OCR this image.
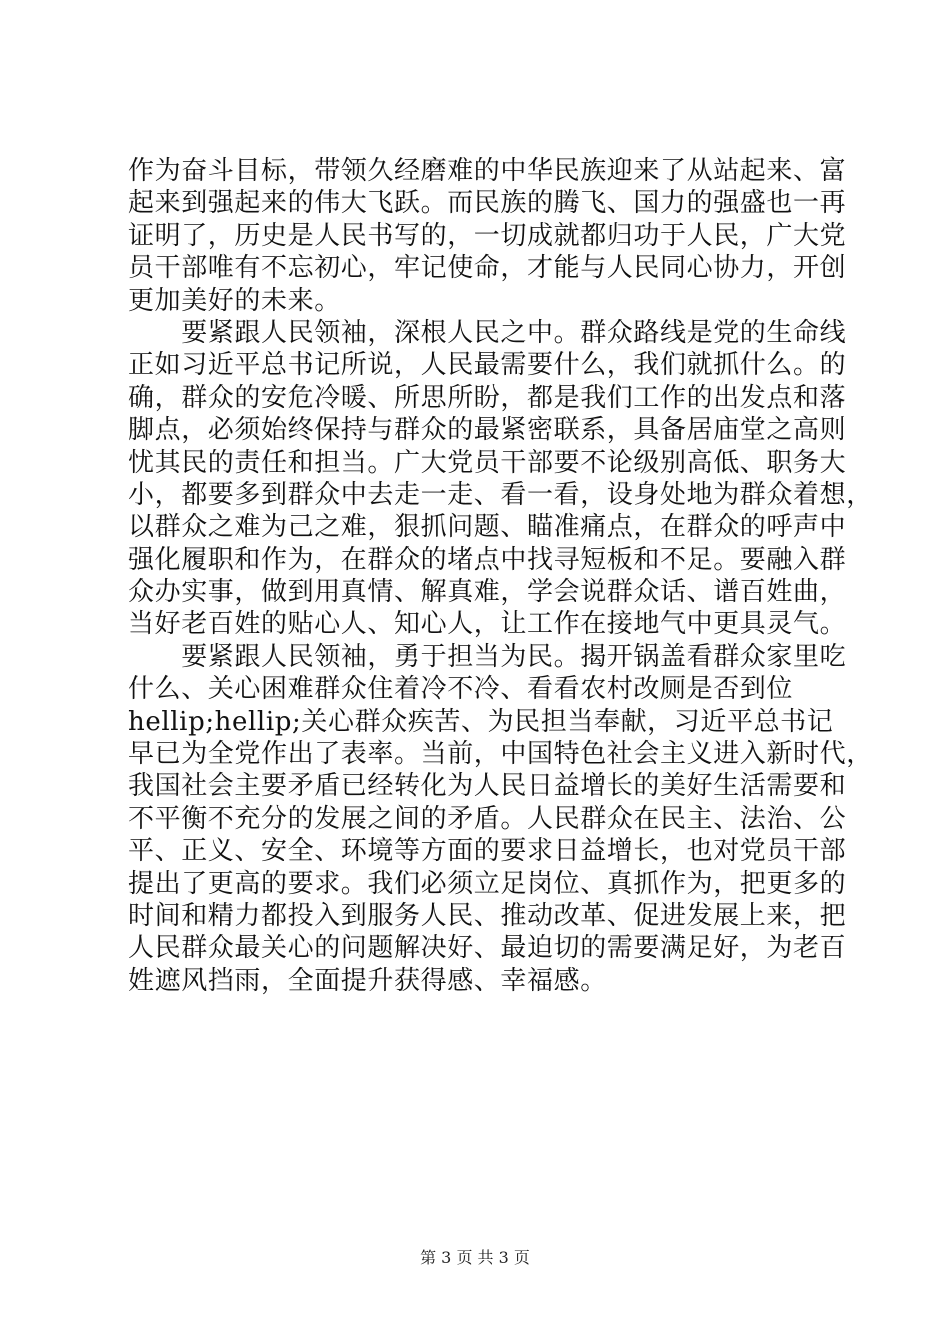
作为奋斗目标，带领久经磨难的中华民族迎来了从站起来、富
起来到强起来的伟大飞跃。而民族的腾飞、国力的强盛也一再
证明了，历史是人民书写的，一切成就都归功于人民，广大党
员干部唯有不忘初心，牢记使命，才能与人民同心协力，开创
更加美好的未来。
　　要紧跟人民领袖，深根人民之中。群众路线是党的生命线
正如习近平总书记所说，人民最需要什么，我们就抓什么。的
确，群众的安危冷暖、所思所盼，都是我们工作的出发点和落
脚点，必须始终保持与群众的最紧密联系，具备居庙堂之高则
忧其民的责任和担当。广大党员干部要不论级别高低、职务大
小，都要多到群众中去走一走、看一看，设身处地为群众着想，
以群众之难为己之难，狠抓问题、瞄准痛点，在群众的呼声中
强化履职和作为，在群众的堵点中找寻短板和不足。要融入群
众办实事，做到用真情、解真难，学会说群众话、谱百姓曲，
当好老百姓的贴心人、知心人，让工作在接地气中更具灵气。
　　要紧跟人民领袖，勇于担当为民。揭开锅盖看群众家里吃
什么、关心困难群众住着冷不冷、看看农村改厕是否到位
hellip;hellip;关心群众疾苦、为民担当奉献，习近平总书记
早已为全党作出了表率。当前，中国特色社会主义进入新时代，
我国社会主要矛盾已经转化为人民日益增长的美好生活需要和
不平衡不充分的发展之间的矛盾。人民群众在民主、法治、公
平、正义、安全、环境等方面的要求日益增长，也对党员干部
提出了更高的要求。我们必须立足岗位、真抓作为，把更多的
时间和精力都投入到服务人民、推动改革、促进发展上来，把
人民群众最关心的问题解决好、最迫切的需要满足好，为老百
姓遮风挡雨，全面提升获得感、幸福感。
第 3 页 共 3 页
